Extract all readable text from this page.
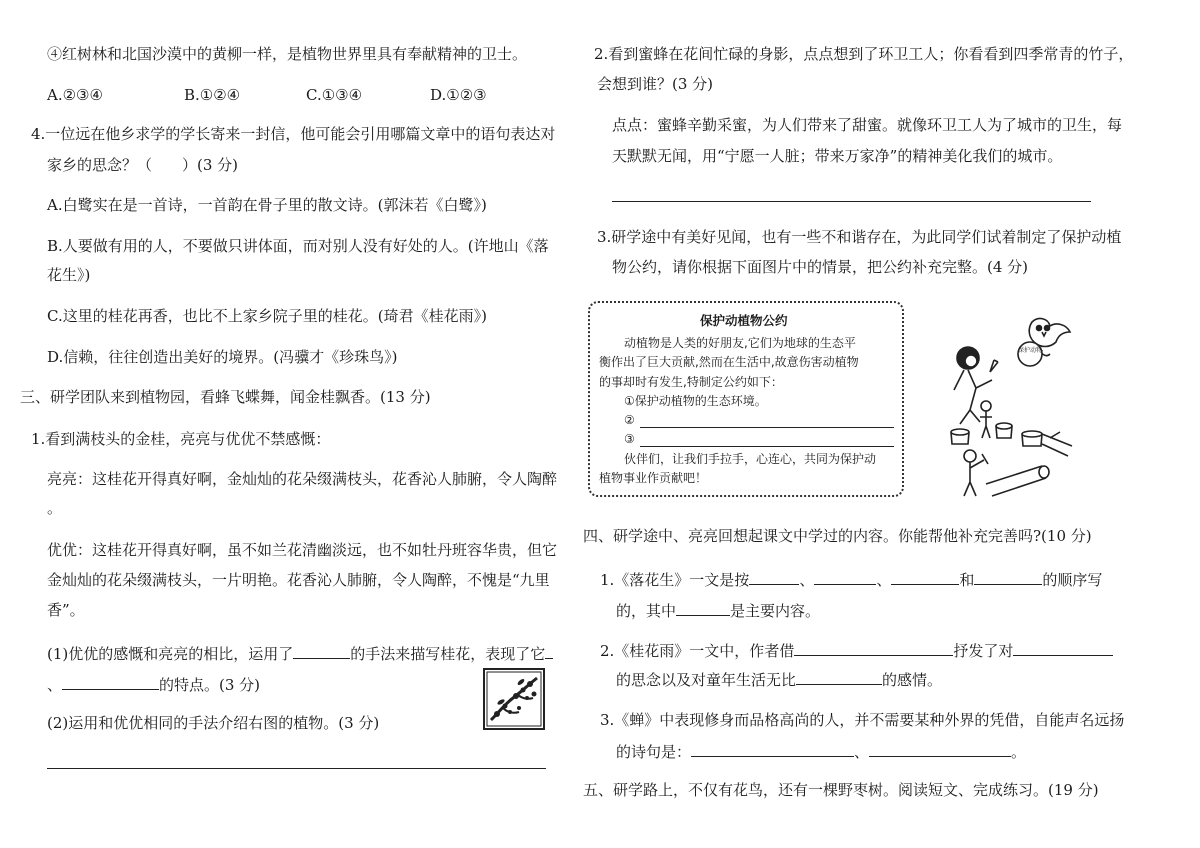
④红树林和北国沙漠中的黄柳一样，是植物世界里具有奉献精神的卫士。
A.②③④	B.①②④	C.①③④	D.①②③
4.一位远在他乡求学的学长寄来一封信，他可能会引用哪篇文章中的语句表达对
家乡的思念？（　　）(3 分)
A.白鹭实在是一首诗，一首韵在骨子里的散文诗。(郭沫若《白鹭》)
B.人要做有用的人，不要做只讲体面，而对别人没有好处的人。(许地山《落
花生》)
C.这里的桂花再香，也比不上家乡院子里的桂花。(琦君《桂花雨》)
D.信赖，往往创造出美好的境界。(冯骥才《珍珠鸟》)
三、研学团队来到植物园，看蜂飞蝶舞，闻金桂飘香。(13 分)
1.看到满枝头的金桂，亮亮与优优不禁感慨：
亮亮：这桂花开得真好啊，金灿灿的花朵缀满枝头，花香沁人肺腑，令人陶醉
。
优优：这桂花开得真好啊，虽不如兰花清幽淡远，也不如牡丹班容华贵，但它
金灿灿的花朵缀满枝头，一片明艳。花香沁人肺腑，令人陶醉，不愧是“九里
香”。
(1)优优的感慨和亮亮的相比，运用了	的手法来描写桂花，表现了它
、	的特点。(3 分)
(2)运用和优优相同的手法介绍右图的植物。(3 分)
2.看到蜜蜂在花间忙碌的身影，点点想到了环卫工人；你看看到四季常青的竹子，
会想到谁？(3 分)
点点：蜜蜂辛勤采蜜，为人们带来了甜蜜。就像环卫工人为了城市的卫生，每
天默默无闻，用“宁愿一人脏；带来万家净”的精神美化我们的城市。
3.研学途中有美好见闻，也有一些不和谐存在，为此同学们试着制定了保护动植
物公约，请你根据下面图片中的情景，把公约补充完整。(4 分)
保护动植物公约
动植物是人类的好朋友,它们为地球的生态平
衡作出了巨大贡献,然而在生活中,故意伤害动植物
的事却时有发生,特制定公约如下：
①保护动植物的生态环境。
②
③
伙伴们，让我们手拉手，心连心，共同为保护动
植物事业作贡献吧！
保护动物
四、研学途中、亮亮回想起课文中学过的内容。你能帮他补充完善吗?(10 分)
1.《落花生》一文是按	、	、	和	的顺序写
的，其中	是主要内容。
2.《桂花雨》一文中，作者借	抒发了对
的思念以及对童年生活无比	的感情。
3.《蝉》中表现修身而品格高尚的人，并不需要某种外界的凭借，自能声名远扬
的诗句是：	、	。
五、研学路上，不仅有花鸟，还有一棵野枣树。阅读短文、完成练习。(19 分)
